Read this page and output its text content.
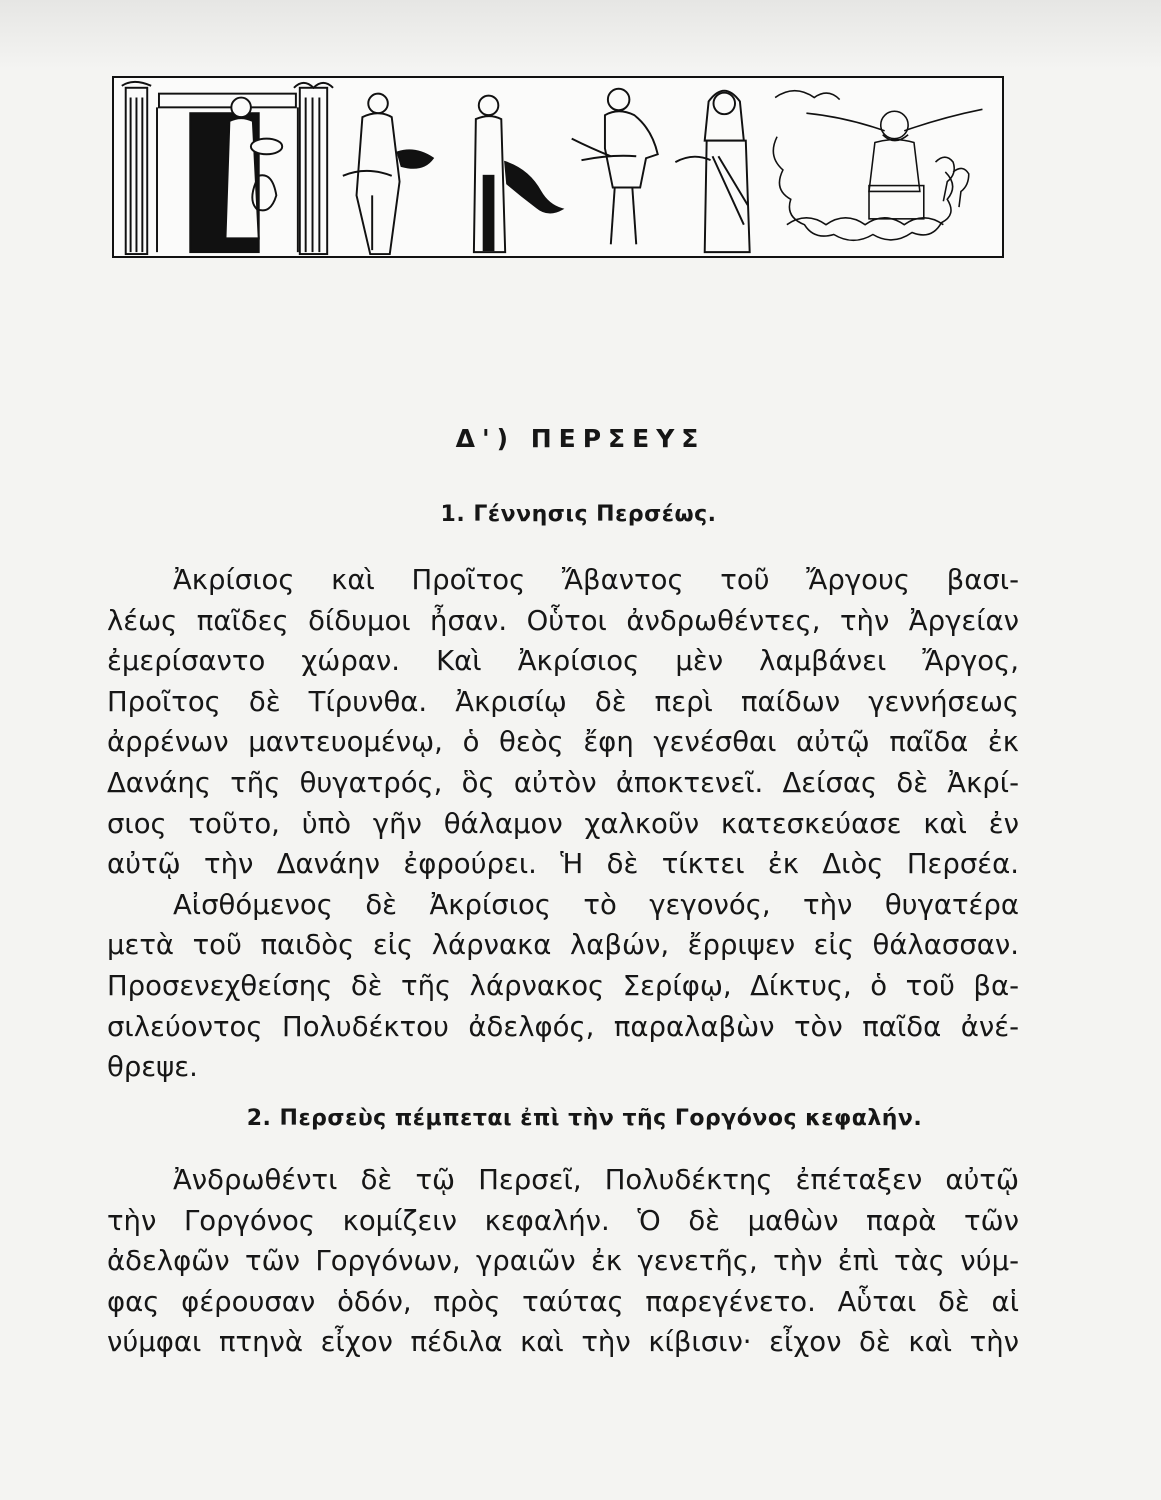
Δ') ΠΕΡΣΕΥΣ
1. Γέννησις Περσέως.
Ἀκρίσιος καὶ Προῖτος Ἄβαντος τοῦ Ἄργους βασι-
λέως παῖδες δίδυμοι ἦσαν. Οὗτοι ἀνδρωθέντες, τὴν Ἀργείαν
ἐμερίσαντο χώραν. Καὶ Ἀκρίσιος μὲν λαμβάνει Ἄργος,
Προῖτος δὲ Τίρυνθα. Ἀκρισίῳ δὲ περὶ παίδων γεννήσεως
ἀρρένων μαντευομένῳ, ὁ θεὸς ἔφη γενέσθαι αὐτῷ παῖδα ἐκ
Δανάης τῆς θυγατρός, ὃς αὐτὸν ἀποκτενεῖ. Δείσας δὲ Ἀκρί-
σιος τοῦτο, ὑπὸ γῆν θάλαμον χαλκοῦν κατεσκεύασε καὶ ἐν
αὐτῷ τὴν Δανάην ἐφρούρει. Ἡ δὲ τίκτει ἐκ Διὸς Περσέα.
Αἰσθόμενος δὲ Ἀκρίσιος τὸ γεγονός, τὴν θυγατέρα
μετὰ τοῦ παιδὸς εἰς λάρνακα λαβών, ἔρριψεν εἰς θάλασσαν.
Προσενεχθείσης δὲ τῆς λάρνακος Σερίφῳ, Δίκτυς, ὁ τοῦ βα-
σιλεύοντος Πολυδέκτου ἀδελφός, παραλαβὼν τὸν παῖδα ἀνέ-
θρεψε.
2. Περσεὺς πέμπεται ἐπὶ τὴν τῆς Γοργόνος κεφαλήν.
Ἀνδρωθέντι δὲ τῷ Περσεῖ, Πολυδέκτης ἐπέταξεν αὐτῷ
τὴν Γοργόνος κομίζειν κεφαλήν. Ὁ δὲ μαθὼν παρὰ τῶν
ἀδελφῶν τῶν Γοργόνων, γραιῶν ἐκ γενετῆς, τὴν ἐπὶ τὰς νύμ-
φας φέρουσαν ὁδόν, πρὸς ταύτας παρεγένετο. Αὗται δὲ αἱ
νύμφαι πτηνὰ εἶχον πέδιλα καὶ τὴν κίβισιν· εἶχον δὲ καὶ τὴν
